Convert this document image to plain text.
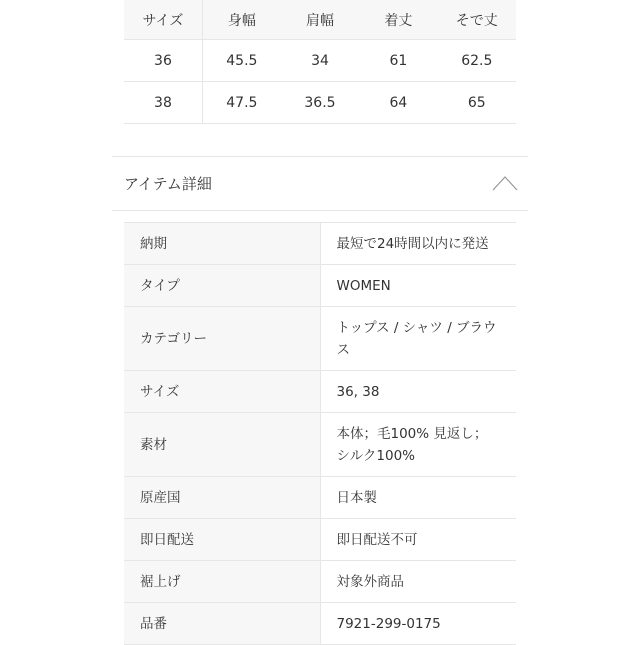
サイズ	身幅	肩幅	着丈	そで丈
36	45.5	34	61	62.5
38	47.5	36.5	64	65
アイテム詳細
納期	最短で24時間以内に発送
タイプ	WOMEN
カテゴリー	トップス / シャツ / ブラウス
サイズ	36, 38
素材	本体；毛100% 見返し；シルク100%
原産国	日本製
即日配送	即日配送不可
裾上げ	対象外商品
品番	7921-299-0175
